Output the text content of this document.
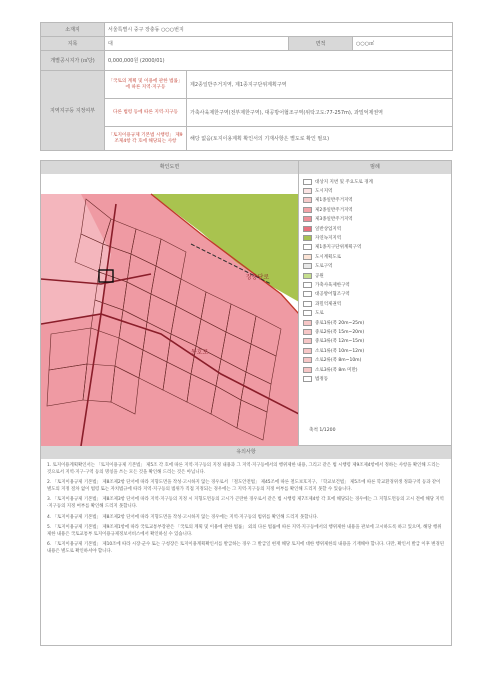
소재지	서울특별시 중구 장충동 ○○○번지			
지목	대		면적	○○○㎡
개별공시지가 (㎡당)	0,000,000원 (2000/01)			
지역지구등 지정여부	「국토의 계획 및 이용에 관한 법률」에 따른 지역·지구등	제2종일반주거지역, 제1종지구단위계획구역		
	다른 법령 등에 따른 지역·지구등	가축사육제한구역(전부제한구역), 대공방어협조구역(위탁고도:77-257m), 과밀억제권역		
	「토지이용규제 기본법 시행령」 제9조제4항 각 호에 해당되는 사항	해당 없음(토지이용계획 확인서의 기재사항은 별도로 확인 필요)		
확인도면	범례
장충단로
동호로
대상지 지번 및 주요도로 경계
도시지역
제1종일반주거지역
제2종일반주거지역
제3종일반주거지역
일반상업지역
자연녹지지역
제1종지구단위계획구역
도시계획도로
도로구역
공원
가축사육제한구역
대공방어협조구역
과밀억제권역
도로
중로1류(폭 20m~25m)
중로2류(폭 15m~20m)
중로3류(폭 12m~15m)
소로1류(폭 10m~12m)
소로2류(폭 8m~10m)
소로3류(폭 8m 미만)
법정동
축척 1/1200
유의사항

1. 토지이용계획확인서는 「토지이용규제 기본법」 제5조 각 호에 따른 지역·지구등의 지정 내용과 그 지역·지구등에서의 행위제한 내용, 그리고 같은 법 시행령 제9조제4항에서 정하는 사항을 확인해 드리는 것으로서 지역·지구·구역 등의 명칭을 쓰는 모든 것을 확인해 드리는 것은 아닙니다.

2. 「토지이용규제 기본법」 제8조제2항 단서에 따라 지형도면을 작성·고시하지 않는 경우로서 「철도안전법」 제45조에 따른 철도보호지구, 「학교보건법」 제5조에 따른 학교환경위생 정화구역 등과 같이 별도의 지정 절차 없이 법령 또는 자치법규에 따라 지역·지구등의 범위가 직접 지정되는 경우에는 그 지역·지구등의 지정 여부를 확인해 드리지 못할 수 있습니다.

3. 「토지이용규제 기본법」 제8조제3항 단서에 따라 지역·지구등의 지정 시 지형도면등의 고시가 곤란한 경우로서 같은 법 시행령 제7조제4항 각 호에 해당되는 경우에는 그 지형도면등의 고시 전에 해당 지역·지구등의 지정 여부를 확인해 드리지 못합니다.

4. 「토지이용규제 기본법」 제8조제2항 단서에 따라 지형도면을 작성·고시하지 않는 경우에는 지역·지구등의 범위를 확인해 드리지 못합니다.

5. 「토지이용규제 기본법」 제9조제1항에 따라 국토교통부장관은 「국토의 계획 및 이용에 관한 법률」 외의 다른 법률에 따른 지역·지구등에서의 행위제한 내용을 관보에 고시하도록 하고 있으며, 해당 행위제한 내용은 국토교통부 토지이용규제정보서비스에서 확인하실 수 있습니다.

6. 「토지이용규제 기본법」 제10조에 따라 시장·군수 또는 구청장은 토지이용계획확인서를 발급하는 경우 그 발급일 현재 해당 토지에 대한 행위제한의 내용을 기재해야 합니다. 다만, 확인서 발급 이후 변경된 내용은 별도로 확인하셔야 합니다.
